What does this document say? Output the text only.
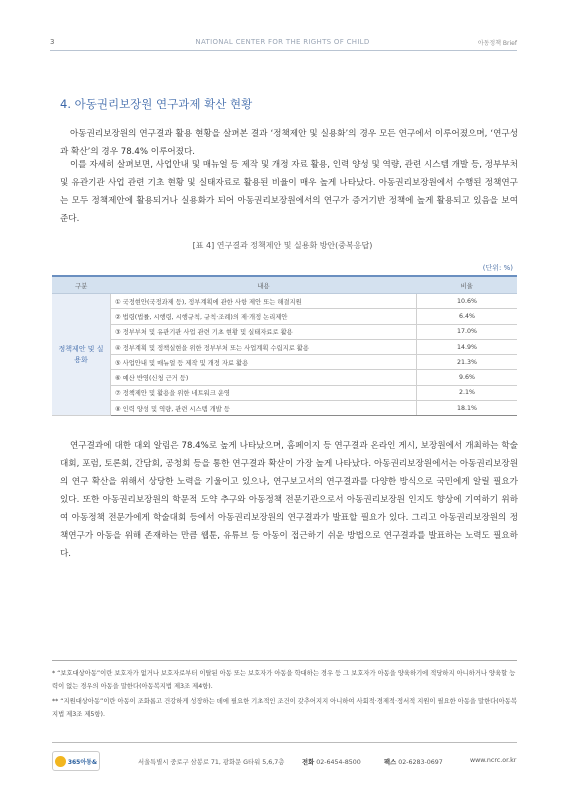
3	NATIONAL CENTER FOR THE RIGHTS OF CHILD	아동정책 Brief
4. 아동권리보장원 연구과제 확산 현황

아동권리보장원의 연구결과 활용 현황을 살펴본 결과 ‘정책제안 및 실용화’의 경우 모든 연구에서 이루어졌으며, ‘연구성과 확산’의 경우 78.4% 이루어졌다.

이를 자세히 살펴보면, 사업안내 및 매뉴얼 등 제작 및 개정 자료 활용, 인력 양성 및 역량, 관련 시스템 개발 등, 정부부처 및 유관기관 사업 관련 기초 현황 및 실태자료로 활용된 비율이 매우 높게 나타났다. 아동권리보장원에서 수행된 정책연구는 모두 정책제안에 활용되거나 실용화가 되어 아동권리보장원에서의 연구가 증거기반 정책에 높게 활용되고 있음을 보여준다.

[표 4] 연구결과 정책제안 및 실용화 방안(중복응답)
(단위: %)
구분	내용	비율
정책제안 및 실용화	① 국정현안(국정과제 등), 정부계획에 관한 사항 제안 또는 해결지원	10.6%
	② 법령(법률, 시행령, 시행규칙, 규칙·조례)의 제·개정 논리제안	6.4%
	③ 정부부처 및 유관기관 사업 관련 기초 현황 및 실태자료로 활용	17.0%
	④ 정부계획 및 정책실현을 위한 정부부처 또는 사업계획 수립지로 활용	14.9%
	⑤ 사업안내 및 매뉴얼 등 제작 및 개정 자료 활용	21.3%
	⑥ 예산 반영(신청 근거 등)	9.6%
	⑦ 정책제안 및 활용을 위한 네트워크 운영	2.1%
	⑧ 인력 양성 및 역량, 관련 시스템 개발 등	18.1%

연구결과에 대한 대외 알림은 78.4%로 높게 나타났으며, 홈페이지 등 연구결과 온라인 게시, 보장원에서 개최하는 학술대회, 포럼, 토론회, 간담회, 공청회 등을 통한 연구결과 확산이 가장 높게 나타났다. 아동권리보장원에서는 아동권리보장원의 연구 확산을 위해서 상당한 노력을 기울이고 있으나, 연구보고서의 연구결과를 다양한 방식으로 국민에게 알릴 필요가 있다. 또한 아동권리보장원의 학문적 도약 추구와 아동정책 전문기관으로서 아동권리보장원 인지도 향상에 기여하기 위하여 아동정책 전문가에게 학술대회 등에서 아동권리보장원의 연구결과가 발표할 필요가 있다. 그리고 아동권리보장원의 정책연구가 아동을 위해 존재하는 만큼 웹툰, 유튜브 등 아동이 접근하기 쉬운 방법으로 연구결과를 발표하는 노력도 필요하다.

* “보호대상아동”이란 보호자가 없거나 보호자로부터 이탈된 아동 또는 보호자가 아동을 학대하는 경우 등 그 보호자가 아동을 양육하기에 적당하지 아니하거나 양육할 능력이 없는 경우의 아동을 말한다(아동복지법 제3조 제4항).

** “지원대상아동”이란 아동이 조화롭고 건강하게 성장하는 데에 필요한 기초적인 조건이 갖추어지지 아니하여 사회적·경제적·정서적 지원이 필요한 아동을 말한다(아동복지법 제3조 제5항).

365아동&	서울특별시 중로구 삼봉로 71, 광화문 G타워 5,6,7층	전화 02-6454-8500	팩스 02-6283-0697	www.ncrc.or.kr
